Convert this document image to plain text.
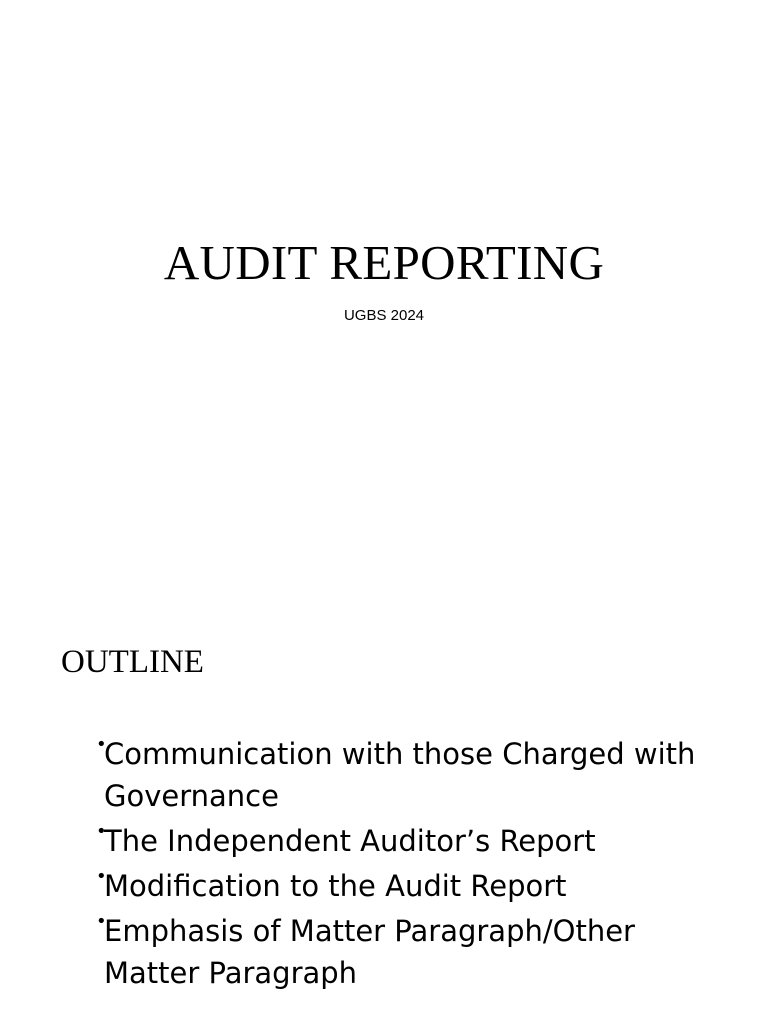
AUDIT REPORTING

UGBS 2024

OUTLINE
•
Communication with those Charged with Governance
•
The Independent Auditor’s Report
•
Modification to the Audit Report
•
Emphasis of Matter Paragraph/Other Matter Paragraph
